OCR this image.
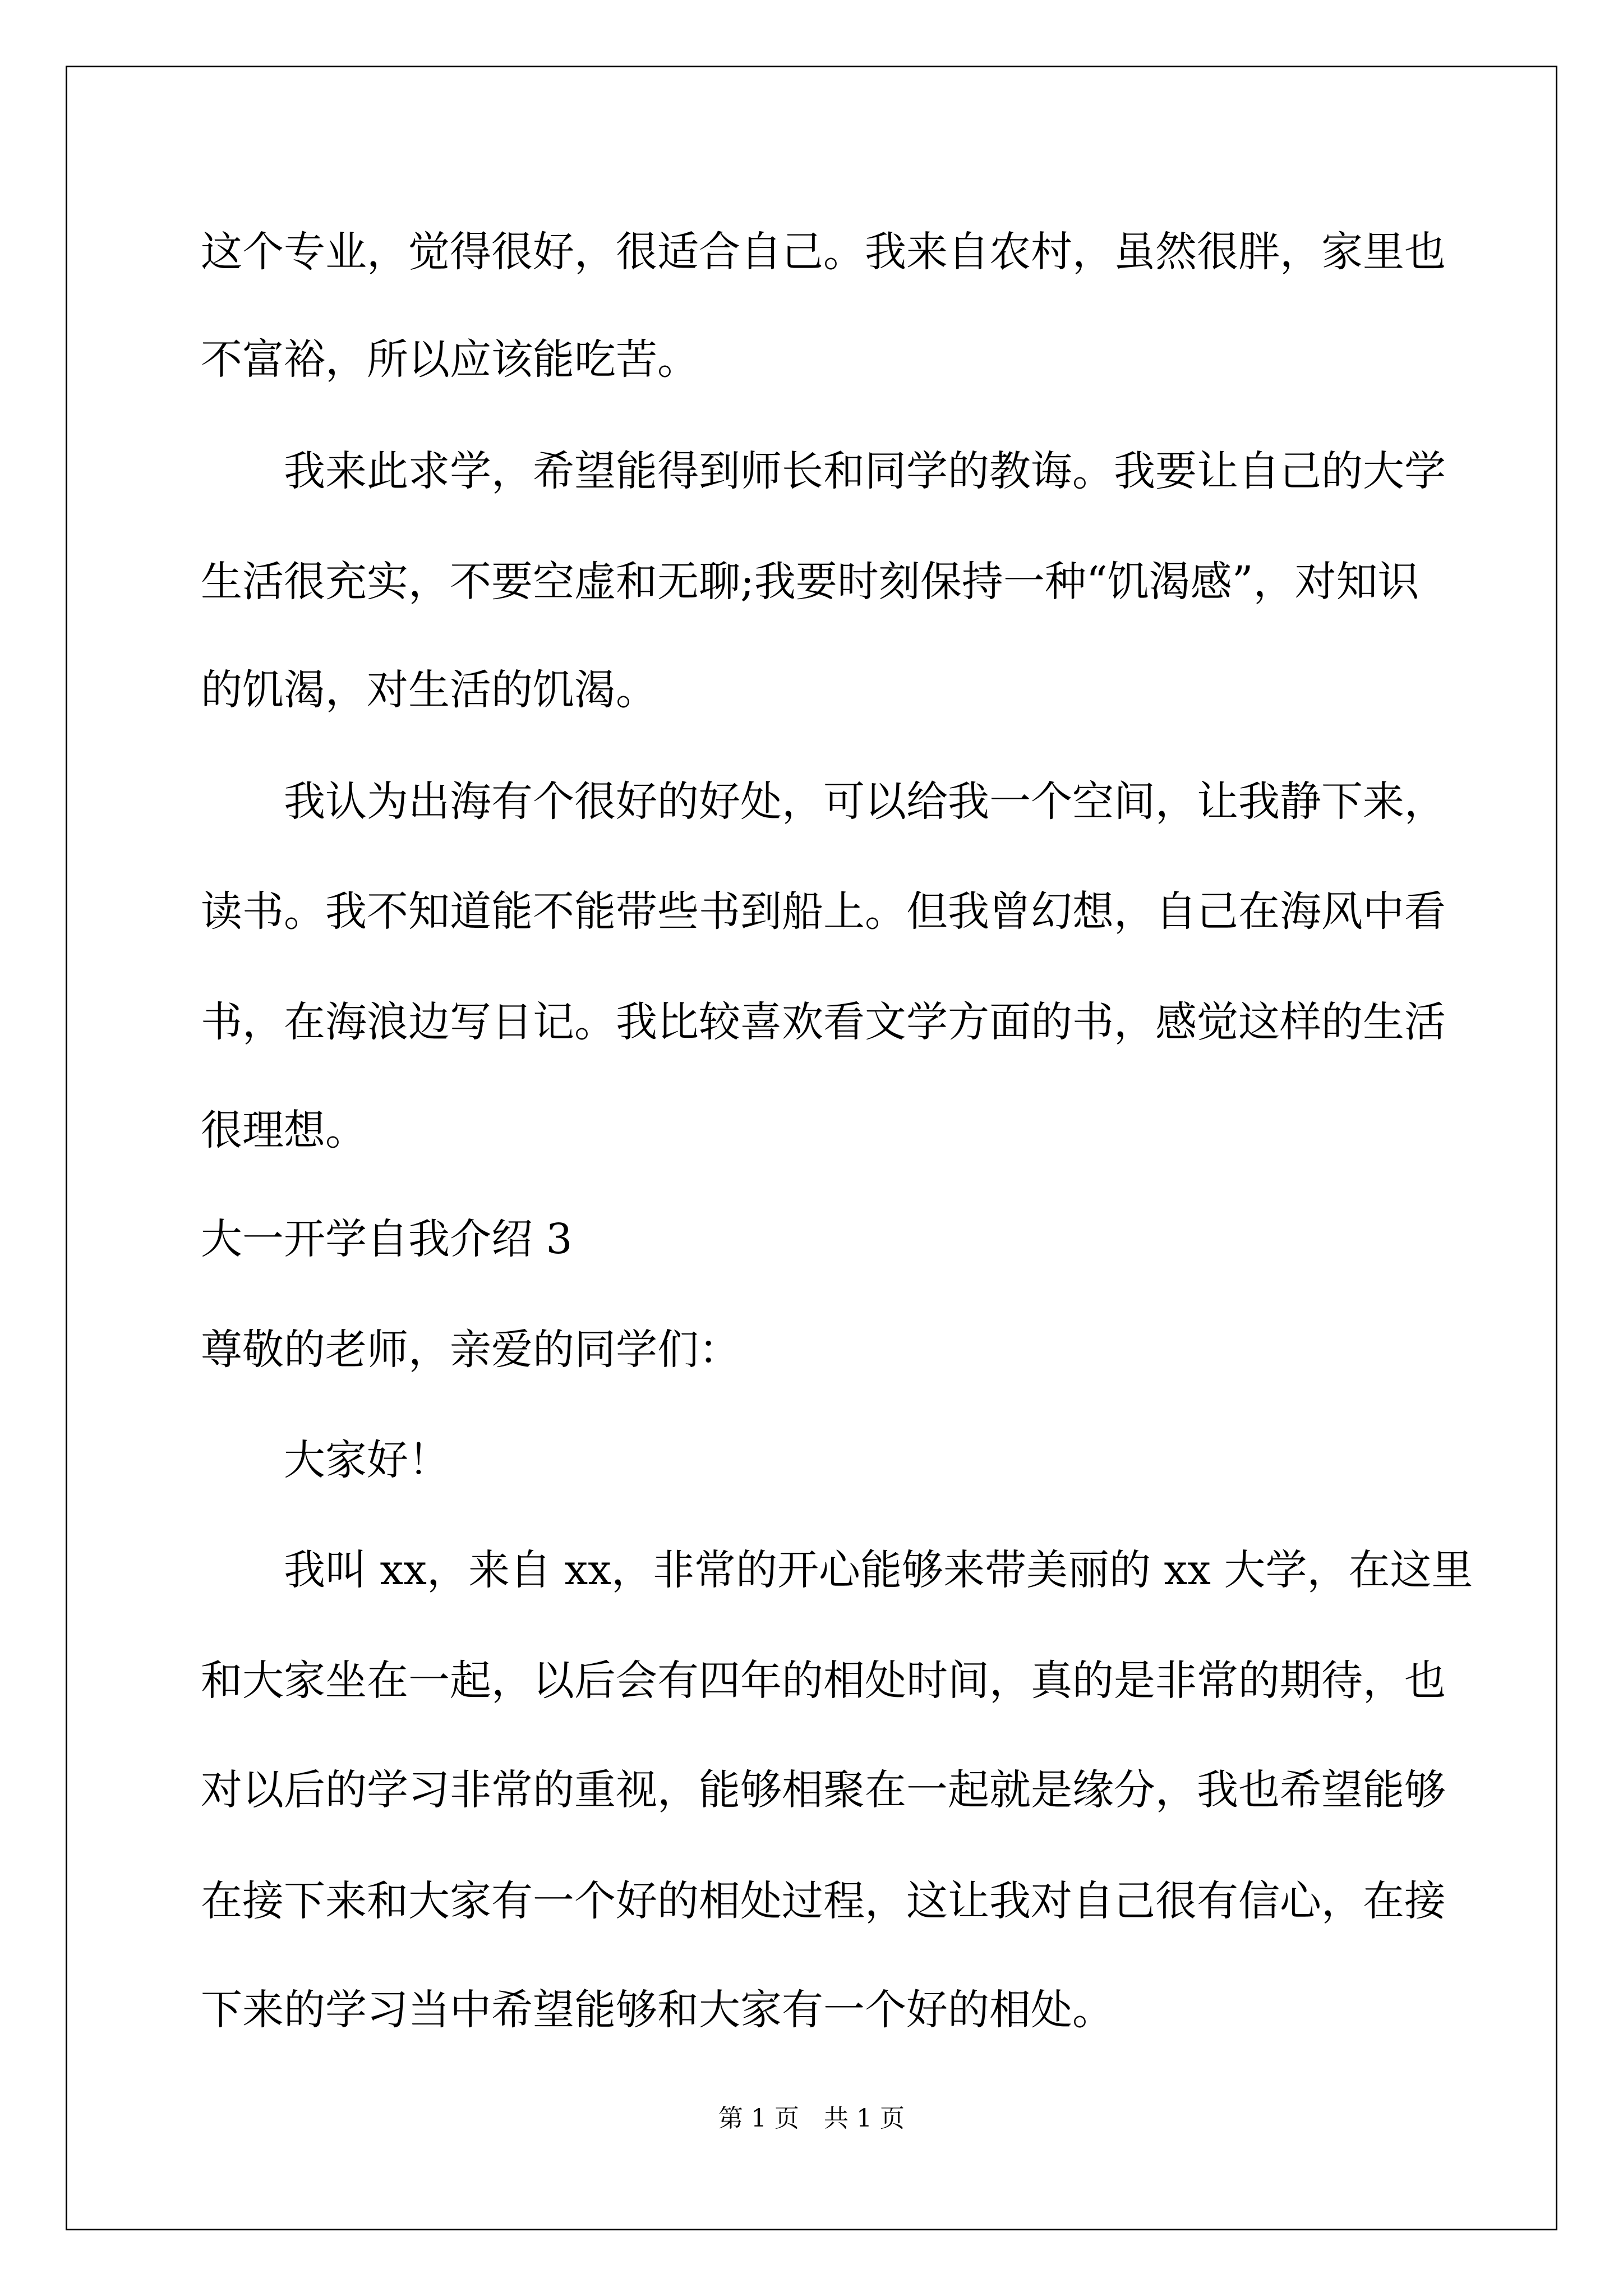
这个专业，觉得很好，很适合自己。我来自农村，虽然很胖，家里也
不富裕，所以应该能吃苦。
　　我来此求学，希望能得到师长和同学的教诲。我要让自己的大学
生活很充实，不要空虚和无聊;我要时刻保持一种“饥渴感”，对知识
的饥渴，对生活的饥渴。
　　我认为出海有个很好的好处，可以给我一个空间，让我静下来，
读书。我不知道能不能带些书到船上。但我曾幻想，自己在海风中看
书，在海浪边写日记。我比较喜欢看文学方面的书，感觉这样的生活
很理想。
大一开学自我介绍 3
尊敬的老师，亲爱的同学们：
　　大家好！
　　我叫 xx，来自 xx，非常的开心能够来带美丽的 xx 大学，在这里
和大家坐在一起，以后会有四年的相处时间，真的是非常的期待，也
对以后的学习非常的重视，能够相聚在一起就是缘分，我也希望能够
在接下来和大家有一个好的相处过程，这让我对自己很有信心，在接
下来的学习当中希望能够和大家有一个好的相处。
第 1 页　共 1 页
